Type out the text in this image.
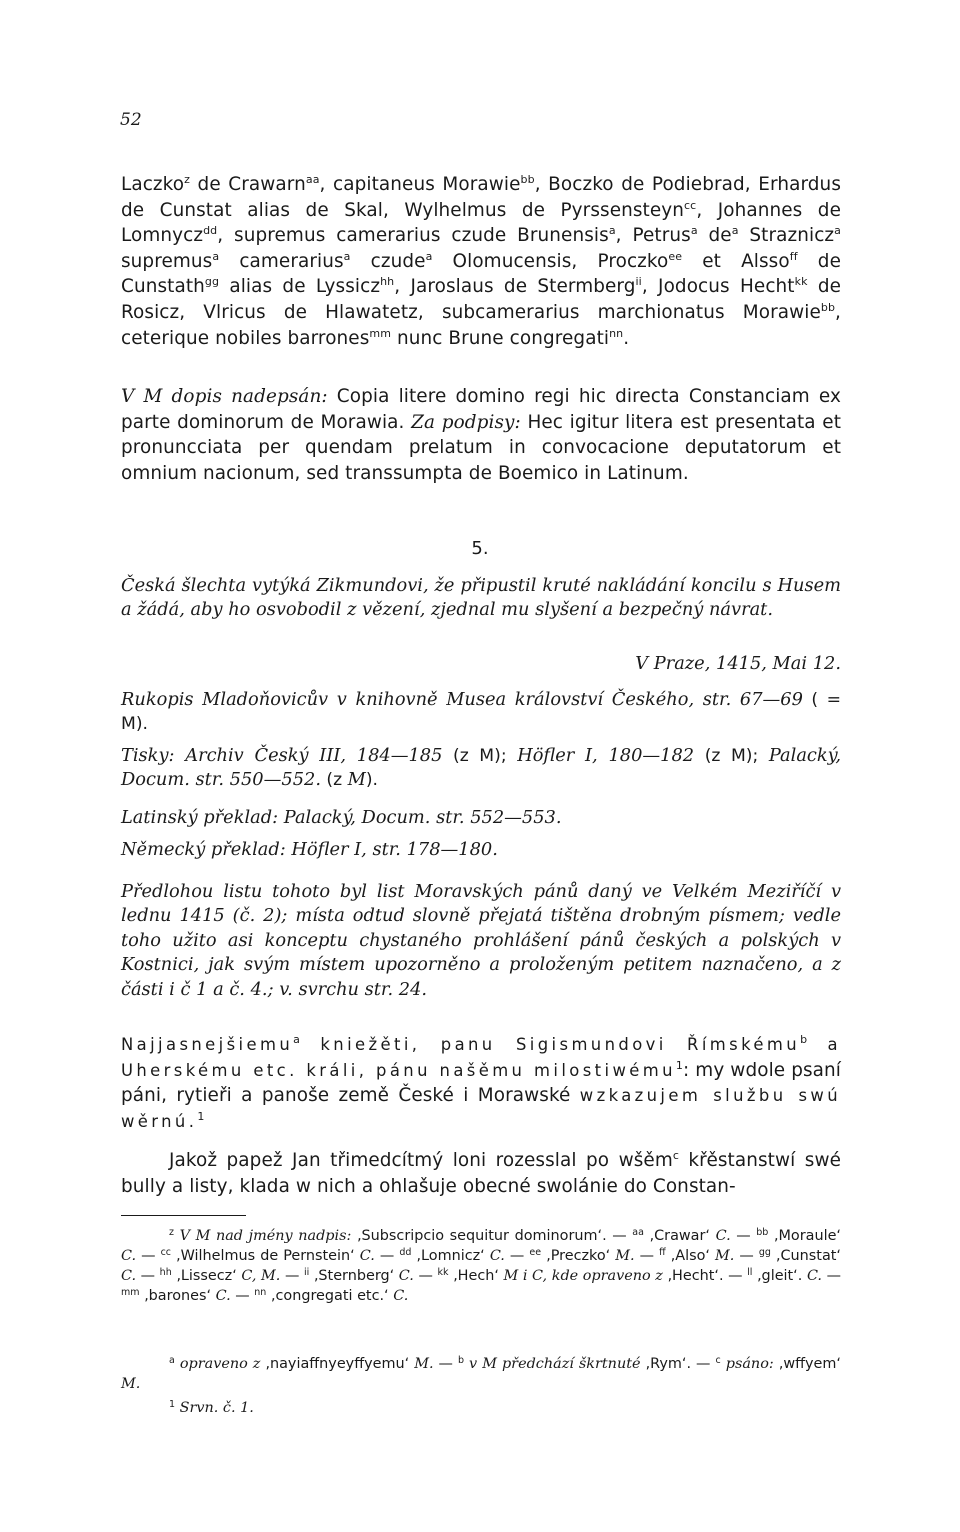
52
Laczko$^z$ de Crawarn$^{aa}$, capitaneus Morawie$^{bb}$, Boczko de Podiebrad, Erhardus de Cunstat alias de Skal, Wylhelmus de Pyrssensteyn$^{cc}$, Johannes de Lomnycz$^{dd}$, supremus camerarius czude Brunensis$^a$, Petrus$^a$ $de^a$ Straznicz$^a$ supremus$^a$ camerarius$^a$ czude$^a$ Olomucensis, Proczko$^{ee}$ et Alsso$^{ff}$ de Cunstath$^{gg}$ alias de Lyssicz$^{hh}$, Jaroslaus de Stermberg$^{ii}$, Jodocus Hecht$^{kk}$ de Rosicz, Vlricus de Hlawatetz, subcamerarius marchionatus Morawie$^{bb}$, ceterique nobiles barrones$^{mm}$ nunc Brune congregati$^{nn}$.
V M dopis nadepsán: Copia litere domino regi hic directa Constanciam ex parte dominorum de Morawia. Za podpisy: Hec igitur litera est presentata et pronuncciata per quendam prelatum in convocacione deputatorum et omnium nacionum, sed transsumpta de Boemico in Latinum.
5.
Česká šlechta vytýká Zikmundovi, že připustil kruté nakládání koncilu s Husem a žádá, aby ho osvobodil z vězení, zjednal mu slyšení a bezpečný návrat.
V Praze, 1415, Mai 12.
Rukopis Mladoňovicův v knihovně Musea království Českého, str. 67—69 ( = M).
Tisky: Archiv Český III, 184—185 (z M); Höfler I, 180—182 (z M); Palacký, Docum. str. 550—552. (z M).
Latinský překlad: Palacký, Docum. str. 552—553.
Německý překlad: Höfler I, str. 178—180.
Předlohou listu tohoto byl list Moravských pánů daný ve Velkém Meziříčí v lednu 1415 (č. 2); místa odtud slovně přejatá tištěna drobným písmem; vedle toho užito asi konceptu chystaného prohlášení pánů českých a polských v Kostnici, jak svým místem upozorněno a proloženým petitem naznačeno, a z části i č 1 a č. 4.; v. svrchu str. 24.
Najjasnejšiemu$^a$ kniežěti, panu Sigismundovi Římskému$^b$ a Uherskému etc. králi, pánu našěmu milostiwému$^1$: my wdole psaní páni, rytieři a panoše země České i Morawské wzkazujem službu swú wěrnú.$^1$
Jakož papež Jan třimedcítmý loni rozesslal po wšěm$^c$ křěstanstwí swé bully a listy, klada w nich a ohlašuje obecné swolánie do Constan-
$^z$ V M nad jmény nadpis: ‚Subscripcio sequitur dominorum‘. — $^{aa}$ ‚Crawar‘ C. — $^{bb}$ ‚Moraule‘ C. — $^{cc}$ ‚Wilhelmus de Pernstein‘ C. — $^{dd}$ ‚Lomnicz‘ C. — $^{ee}$ ‚Preczko‘ M. — $^{ff}$ ‚Also‘ M. — $^{gg}$ ‚Cunstat‘ C. — $^{hh}$ ‚Lissecz‘ C, M. — $^{ii}$ ‚Sternberg‘ C. — $^{kk}$ ‚Hech‘ M i C, kde opraveno z ‚Hecht‘. — $^{ll}$ ‚gleit‘. C. — $^{mm}$ ‚barones‘ C. — $^{nn}$ ‚congregati etc.‘ C.
$^a$ opraveno z ‚nayiaffnyeyffyemu‘ M. — $^b$ v M předchází škrtnuté ‚Rym‘. — $^c$ psáno: ‚wffyem‘ M.
$^1$ Srvn. č. 1.
